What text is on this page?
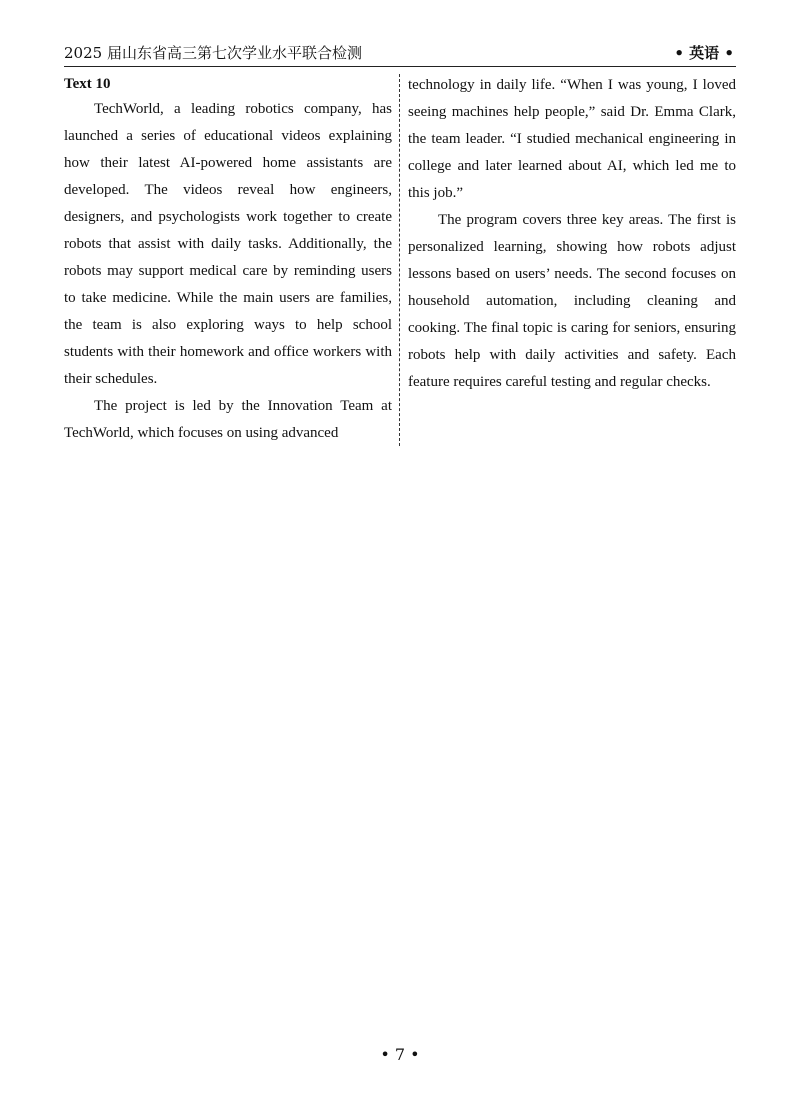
2025 届山东省高三第七次学业水平联合检测	• 英语 •
Text 10

TechWorld, a leading robotics company, has launched a series of educational videos explaining how their latest AI-powered home assistants are developed. The videos reveal how engineers, designers, and psychologists work together to create robots that assist with daily tasks. Additionally, the robots may support medical care by reminding users to take medicine. While the main users are families, the team is also exploring ways to help school students with their homework and office workers with their schedules.

The project is led by the Innovation Team at TechWorld, which focuses on using advanced

technology in daily life. “When I was young, I loved seeing machines help people,” said Dr. Emma Clark, the team leader. “I studied mechanical engineering in college and later learned about AI, which led me to this job.”

The program covers three key areas. The first is personalized learning, showing how robots adjust lessons based on users’ needs. The second focuses on household automation, including cleaning and cooking. The final topic is caring for seniors, ensuring robots help with daily activities and safety. Each feature requires careful testing and regular checks.

• 7 •
